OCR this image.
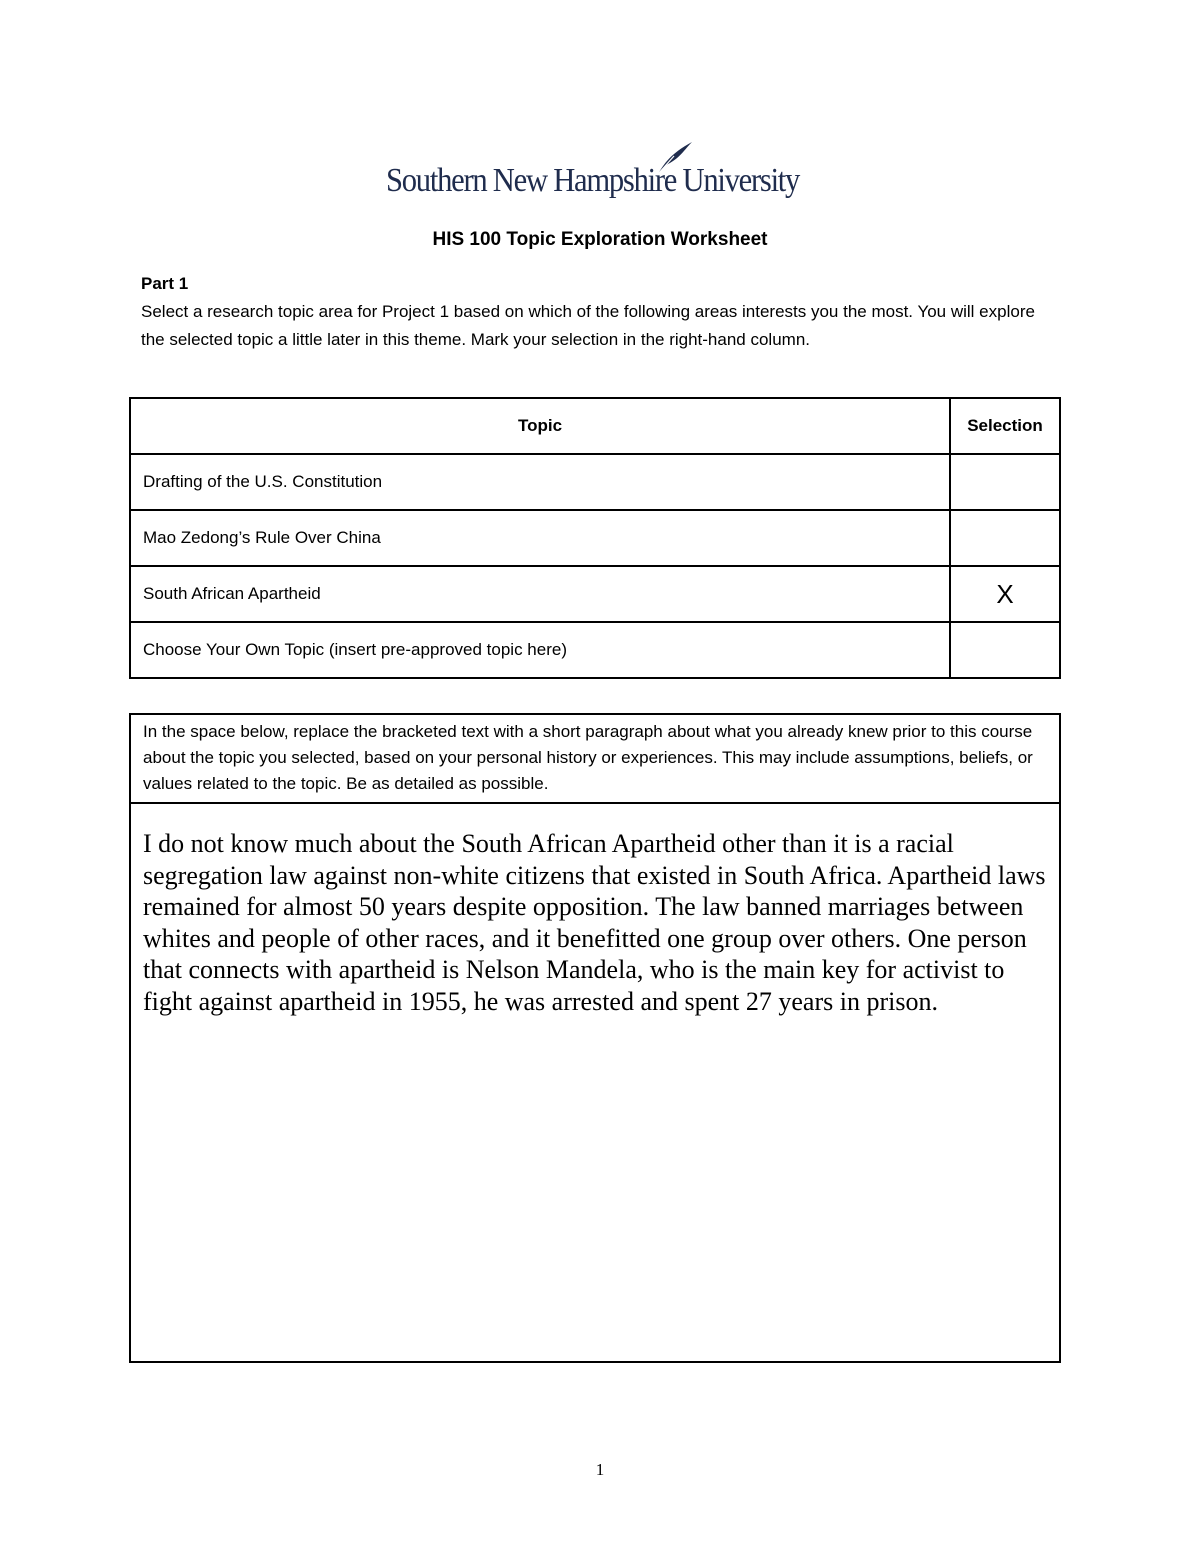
Southern New Hampshire University
HIS 100 Topic Exploration Worksheet
Part 1
Select a research topic area for Project 1 based on which of the following areas interests you the most. You will explore the selected topic a little later in this theme. Mark your selection in the right-hand column.
Topic	Selection
Drafting of the U.S. Constitution	
Mao Zedong’s Rule Over China	
South African Apartheid	X
Choose Your Own Topic (insert pre-approved topic here)	
In the space below, replace the bracketed text with a short paragraph about what you already knew prior to this course about the topic you selected, based on your personal history or experiences. This may include assumptions, beliefs, or values related to the topic. Be as detailed as possible.
I do not know much about the South African Apartheid other than it is a racial segregation law against non-white citizens that existed in South Africa. Apartheid laws remained for almost 50 years despite opposition. The law banned marriages between whites and people of other races, and it benefitted one group over others. One person that connects with apartheid is Nelson Mandela, who is the main key for activist to fight against apartheid in 1955, he was arrested and spent 27 years in prison.
1
